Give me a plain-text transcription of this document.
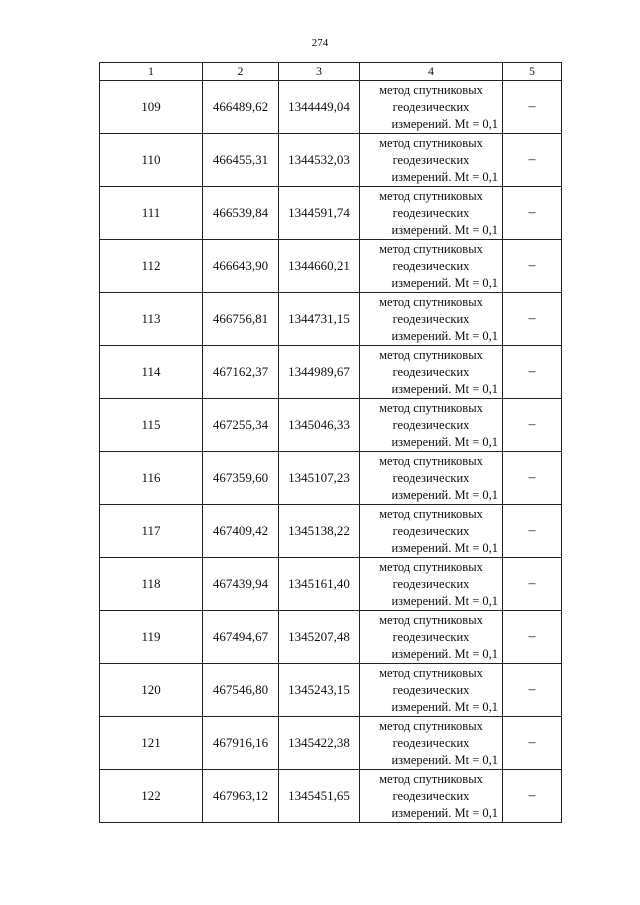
274
1	2	3	4	5
109	466489,62	1344449,04	метод спутниковых
геодезических
измерений. Mt = 0,1	–
110	466455,31	1344532,03	метод спутниковых
геодезических
измерений. Mt = 0,1	–
111	466539,84	1344591,74	метод спутниковых
геодезических
измерений. Mt = 0,1	–
112	466643,90	1344660,21	метод спутниковых
геодезических
измерений. Mt = 0,1	–
113	466756,81	1344731,15	метод спутниковых
геодезических
измерений. Mt = 0,1	–
114	467162,37	1344989,67	метод спутниковых
геодезических
измерений. Mt = 0,1	–
115	467255,34	1345046,33	метод спутниковых
геодезических
измерений. Mt = 0,1	–
116	467359,60	1345107,23	метод спутниковых
геодезических
измерений. Mt = 0,1	–
117	467409,42	1345138,22	метод спутниковых
геодезических
измерений. Mt = 0,1	–
118	467439,94	1345161,40	метод спутниковых
геодезических
измерений. Mt = 0,1	–
119	467494,67	1345207,48	метод спутниковых
геодезических
измерений. Mt = 0,1	–
120	467546,80	1345243,15	метод спутниковых
геодезических
измерений. Mt = 0,1	–
121	467916,16	1345422,38	метод спутниковых
геодезических
измерений. Mt = 0,1	–
122	467963,12	1345451,65	метод спутниковых
геодезических
измерений. Mt = 0,1	–
